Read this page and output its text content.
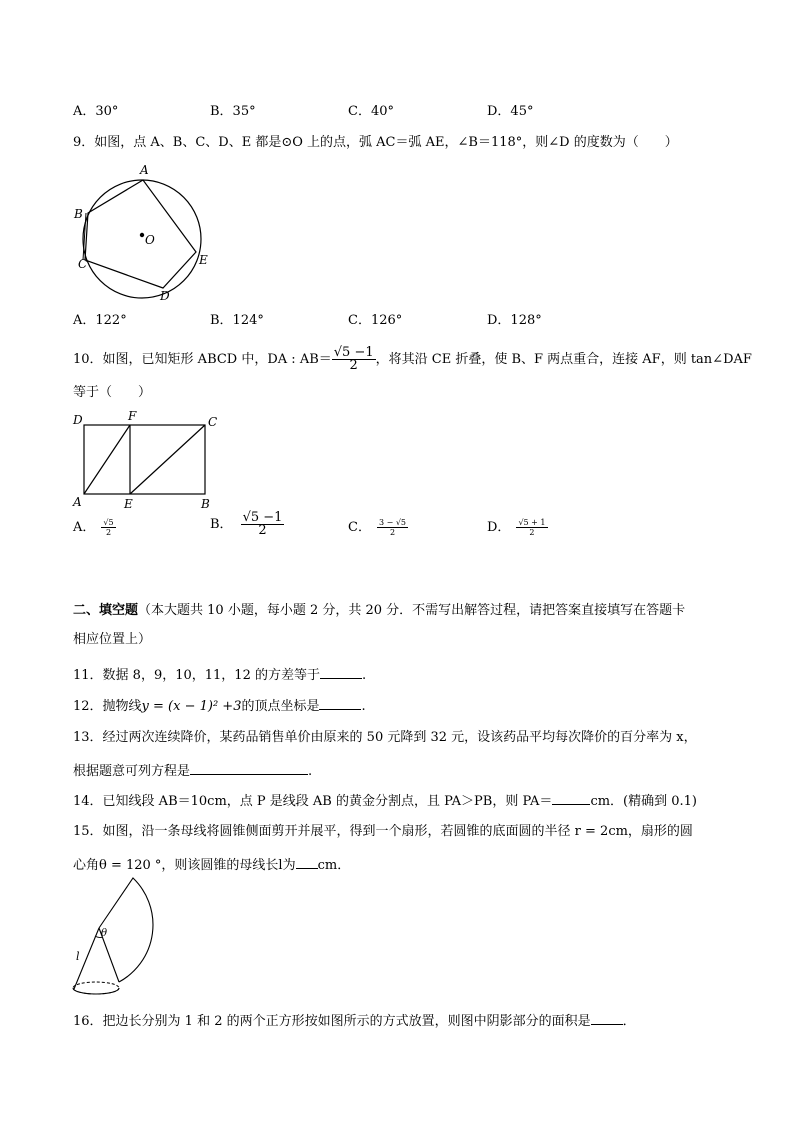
A．30°	B．35°	C．40°	D．45°
9．如图，点 A、B、C、D、E 都是⊙O 上的点，弧 AC＝弧 AE，∠B＝118°，则∠D 的度数为（　　）
A
B
C
D
E
O
A．122°	B．124°	C．126°	D．128°
10．如图，已知矩形 ABCD 中，DA : $AB= \frac{√5 -1}{2}$ ，将其沿 CE 折叠，使 B、F 两点重合，连接 AF，则 tan∠DAF
等于（　　）
D	F	C
A	E	B
A． $\frac{√5}{2}$	B． $\frac{√5 -1}{2}$	C． $\frac{3 - √5}{2}$	D． $\frac{√5 + 1}{2}$
二、填空题（本大题共 10 小题，每小题 2 分，共 20 分．不需写出解答过程，请把答案直接填写在答题卡
相应位置上）
11．数据 8，9，10，11，12 的方差等于	.
12．抛物线y = (x − 1)² +3的顶点坐标是	.
13．经过两次连续降价，某药品销售单价由原来的 50 元降到 32 元，设该药品平均每次降价的百分率为 x，
根据题意可列方程是	.
14．已知线段 AB＝10cm，点 P 是线段 AB 的黄金分割点，且 PA＞PB，则 PA＝	cm．(精确到 0.1)
15．如图，沿一条母线将圆锥侧面剪开并展平，得到一个扇形，若圆锥的底面圆的半径 r = 2cm，扇形的圆
心角θ = 120 °，则该圆锥的母线长l为 cm．
θ
l
16．把边长分别为 1 和 2 的两个正方形按如图所示的方式放置，则图中阴影部分的面积是 ．
